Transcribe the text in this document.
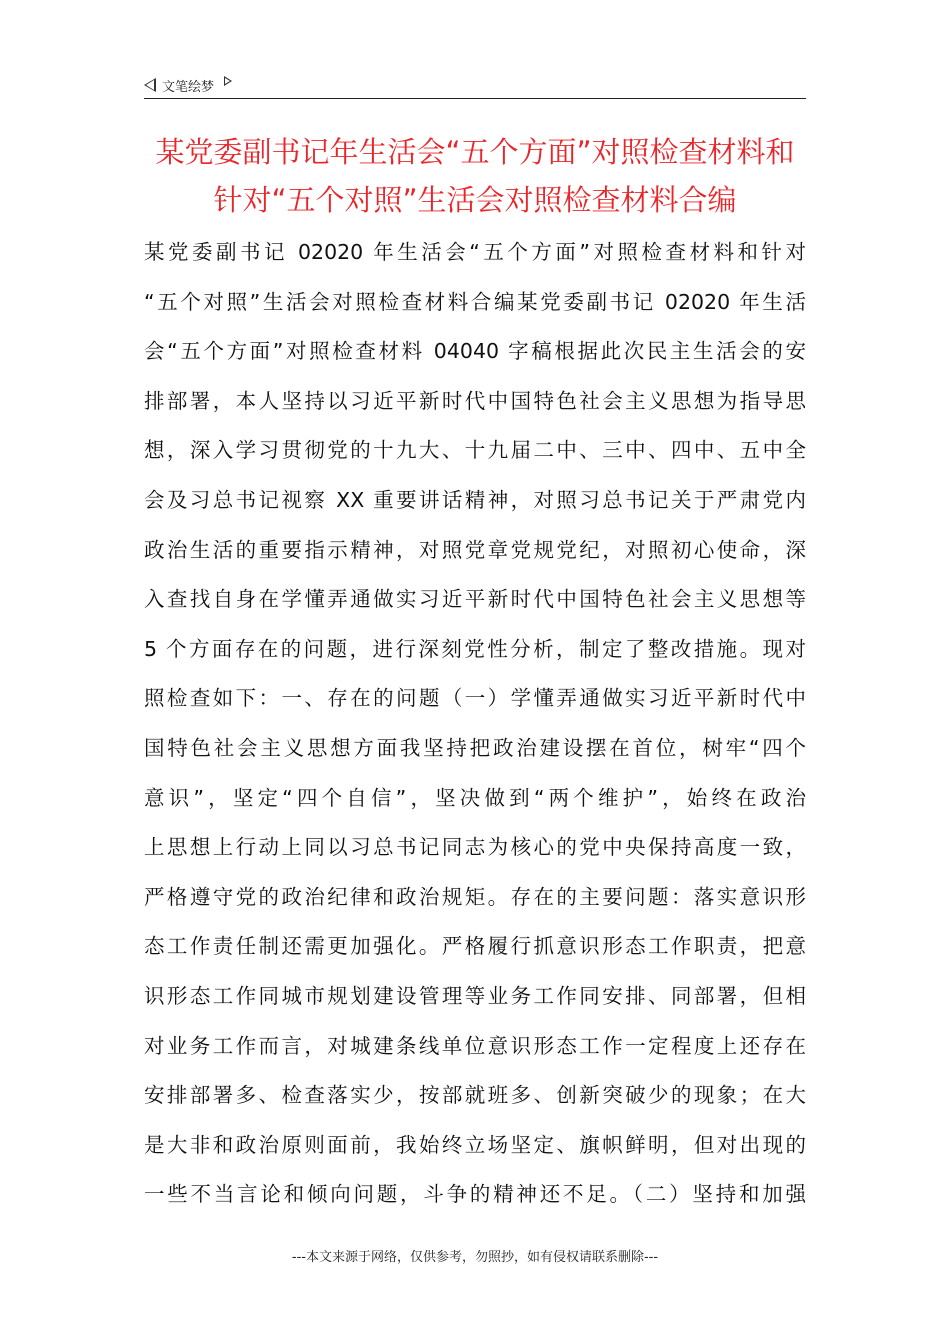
文笔绘梦
某党委副书记年生活会“五个方面”对照检查材料和
针对“五个对照”生活会对照检查材料合编
某党委副书记 02020 年生活会“五个方面”对照检查材料和针对
“五个对照”生活会对照检查材料合编某党委副书记 02020 年生活
会“五个方面”对照检查材料 04040 字稿根据此次民主生活会的安
排部署，本人坚持以习近平新时代中国特色社会主义思想为指导思
想，深入学习贯彻党的十九大、十九届二中、三中、四中、五中全
会及习总书记视察 XX 重要讲话精神，对照习总书记关于严肃党内
政治生活的重要指示精神，对照党章党规党纪，对照初心使命，深
入查找自身在学懂弄通做实习近平新时代中国特色社会主义思想等
5 个方面存在的问题，进行深刻党性分析，制定了整改措施。现对
照检查如下：一、存在的问题（一）学懂弄通做实习近平新时代中
国特色社会主义思想方面我坚持把政治建设摆在首位，树牢“四个
意识”，坚定“四个自信”，坚决做到“两个维护”，始终在政治
上思想上行动上同以习总书记同志为核心的党中央保持高度一致，
严格遵守党的政治纪律和政治规矩。存在的主要问题：落实意识形
态工作责任制还需更加强化。严格履行抓意识形态工作职责，把意
识形态工作同城市规划建设管理等业务工作同安排、同部署，但相
对业务工作而言，对城建条线单位意识形态工作一定程度上还存在
安排部署多、检查落实少，按部就班多、创新突破少的现象；在大
是大非和政治原则面前，我始终立场坚定、旗帜鲜明，但对出现的
一些不当言论和倾向问题，斗争的精神还不足。（二）坚持和加强
---本文来源于网络，仅供参考，勿照抄，如有侵权请联系删除---
